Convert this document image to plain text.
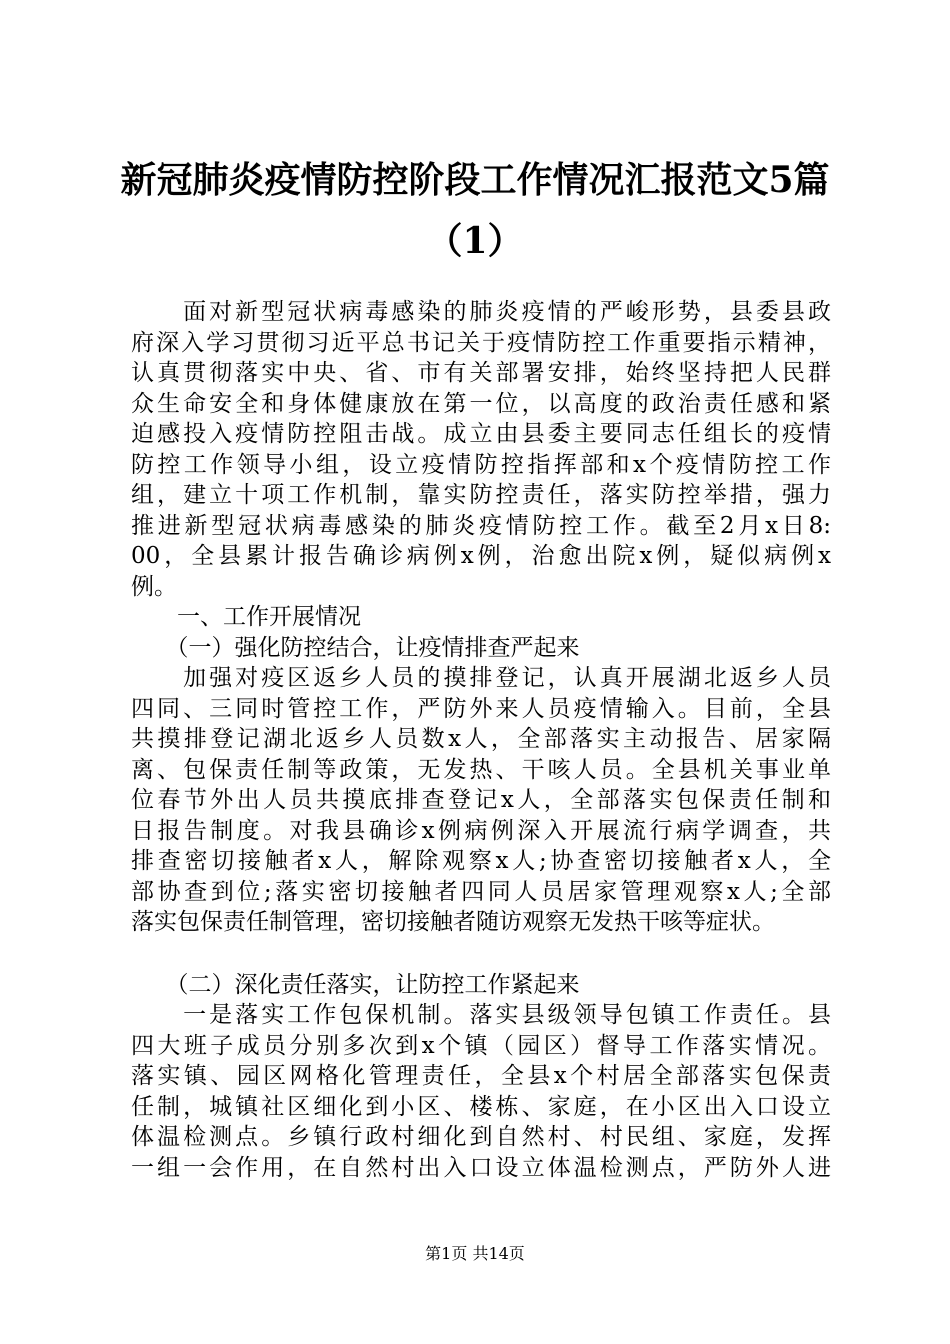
新冠肺炎疫情防控阶段工作情况汇报范文5篇
（1）
　　面对新型冠状病毒感染的肺炎疫情的严峻形势，县委县政
府深入学习贯彻习近平总书记关于疫情防控工作重要指示精神，
认真贯彻落实中央、省、市有关部署安排，始终坚持把人民群
众生命安全和身体健康放在第一位，以高度的政治责任感和紧
迫感投入疫情防控阻击战。成立由县委主要同志任组长的疫情
防控工作领导小组，设立疫情防控指挥部和x个疫情防控工作
组，建立十项工作机制，靠实防控责任，落实防控举措，强力
推进新型冠状病毒感染的肺炎疫情防控工作。截至2月x日8:
00，全县累计报告确诊病例x例，治愈出院x例，疑似病例x
例。
　　一、工作开展情况
　　（一）强化防控结合，让疫情排查严起来
　　加强对疫区返乡人员的摸排登记，认真开展湖北返乡人员
四同、三同时管控工作，严防外来人员疫情输入。目前，全县
共摸排登记湖北返乡人员数x人，全部落实主动报告、居家隔
离、包保责任制等政策，无发热、干咳人员。全县机关事业单
位春节外出人员共摸底排查登记x人，全部落实包保责任制和
日报告制度。对我县确诊x例病例深入开展流行病学调查，共
排查密切接触者x人，解除观察x人;协查密切接触者x人，全
部协查到位;落实密切接触者四同人员居家管理观察x人;全部
落实包保责任制管理，密切接触者随访观察无发热干咳等症状。
　　（二）深化责任落实，让防控工作紧起来
　　一是落实工作包保机制。落实县级领导包镇工作责任。县
四大班子成员分别多次到x个镇（园区）督导工作落实情况。
落实镇、园区网格化管理责任，全县x个村居全部落实包保责
任制，城镇社区细化到小区、楼栋、家庭，在小区出入口设立
体温检测点。乡镇行政村细化到自然村、村民组、家庭，发挥
一组一会作用，在自然村出入口设立体温检测点，严防外人进
第1页 共14页
